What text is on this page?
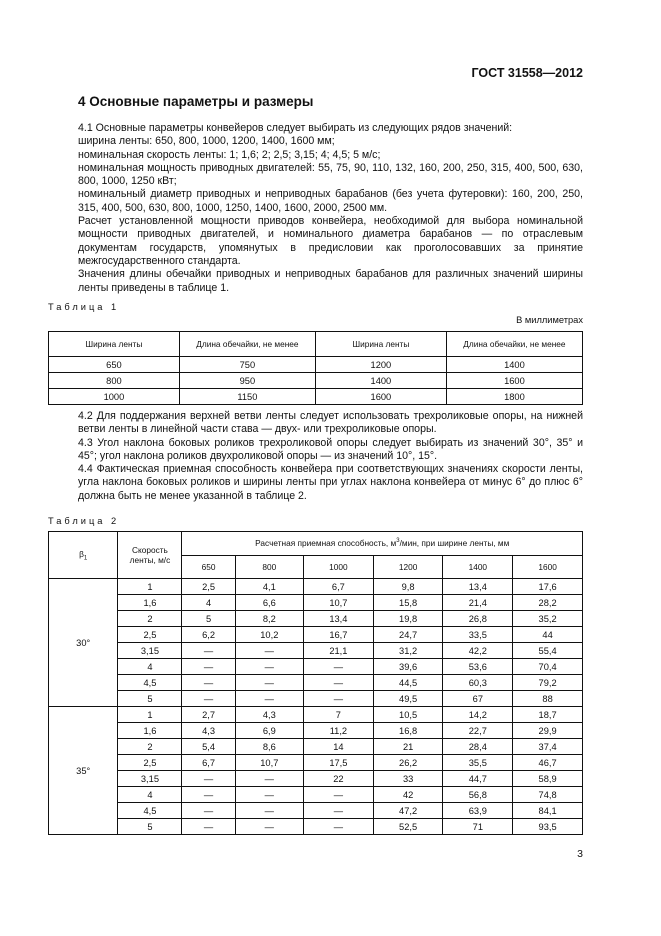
ГОСТ 31558—2012
4 Основные параметры и размеры

4.1 Основные параметры конвейеров следует выбирать из следующих рядов значений:

ширина ленты: 650, 800, 1000, 1200, 1400, 1600 мм;

номинальная скорость ленты: 1; 1,6; 2; 2,5; 3,15; 4; 4,5; 5 м/с;

номинальная мощность приводных двигателей: 55, 75, 90, 110, 132, 160, 200, 250, 315, 400, 500, 630, 800, 1000, 1250 кВт;

номинальный диаметр приводных и неприводных барабанов (без учета футеровки): 160, 200, 250, 315, 400, 500, 630, 800, 1000, 1250, 1400, 1600, 2000, 2500 мм.

Расчет установленной мощности приводов конвейера, необходимой для выбора номинальной мощности приводных двигателей, и номинального диаметра барабанов — по отраслевым документам государств, упомянутых в предисловии как проголосовавших за принятие межгосударственного стандарта.

Значения длины обечайки приводных и неприводных барабанов для различных значений ширины ленты приведены в таблице 1.

Таблица 1
В миллиметрах
Ширина ленты	Длина обечайки, не менее	Ширина ленты	Длина обечайки, не менее
650	750	1200	1400
800	950	1400	1600
1000	1150	1600	1800

4.2 Для поддержания верхней ветви ленты следует использовать трехроликовые опоры, на нижней ветви ленты в линейной части става — двух- или трехроликовые опоры.

4.3 Угол наклона боковых роликов трехроликовой опоры следует выбирать из значений 30°, 35° и 45°; угол наклона роликов двухроликовой опоры — из значений 10°, 15°.

4.4 Фактическая приемная способность конвейера при соответствующих значениях скорости ленты, угла наклона боковых роликов и ширины ленты при углах наклона конвейера от минус 6° до плюс 6° должна быть не менее указанной в таблице 2.

Таблица 2
$\beta_1$	Скорость ленты, м/с	Расчетная приемная способность, $м^3$/мин, при ширине ленты, мм					
		650	800	1000	1200	1400	1600
30°	1	2,5	4,1	6,7	9,8	13,4	17,6
	1,6	4	6,6	10,7	15,8	21,4	28,2
	2	5	8,2	13,4	19,8	26,8	35,2
	2,5	6,2	10,2	16,7	24,7	33,5	44
	3,15	—	—	21,1	31,2	42,2	55,4
	4	—	—	—	39,6	53,6	70,4
	4,5	—	—	—	44,5	60,3	79,2
	5	—	—	—	49,5	67	88
35°	1	2,7	4,3	7	10,5	14,2	18,7
	1,6	4,3	6,9	11,2	16,8	22,7	29,9
	2	5,4	8,6	14	21	28,4	37,4
	2,5	6,7	10,7	17,5	26,2	35,5	46,7
	3,15	—	—	22	33	44,7	58,9
	4	—	—	—	42	56,8	74,8
	4,5	—	—	—	47,2	63,9	84,1
	5	—	—	—	52,5	71	93,5
3
